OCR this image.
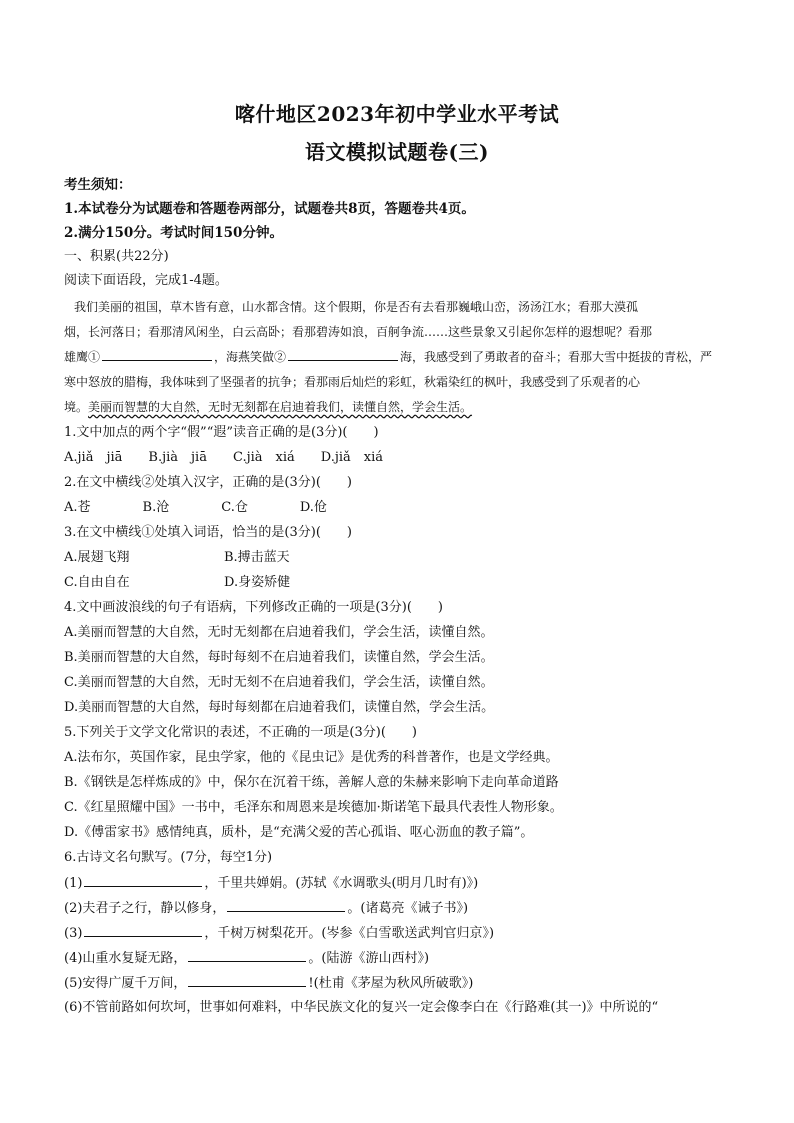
喀什地区2023年初中学业水平考试
语文模拟试题卷(三)
考生须知：
1.本试卷分为试题卷和答题卷两部分，试题卷共8页，答题卷共4页。
2.满分150分。考试时间150分钟。
一、积累(共22分)
阅读下面语段，完成1-4题。
我们美丽的祖国，草木皆有意，山水都含情。这个假期，你是否有去看那巍峨山峦，汤汤江水；看那大漠孤
烟，长河落日；看那清风闲坐，白云高卧；看那碧涛如浪，百舸争流……这些景象又引起你怎样的遐想呢？看那
雄鹰①	，海燕笑做②	海，我感受到了勇敢者的奋斗；看那大雪中挺拔的青松，严
寒中怒放的腊梅，我体味到了坚强者的抗争；看那雨后灿烂的彩虹，秋霜染红的枫叶，我感受到了乐观者的心
境。美丽而智慧的大自然，无时无刻都在启迪着我们，读懂自然，学会生活。
1.文中加点的两个字“假”“遐”读音正确的是(3分)(　　)
A.jiǎ　jiā　　B.jià　jiā　　C.jià　xiá　　D.jiǎ　xiá
2.在文中横线②处填入汉字，正确的是(3分)(　　)
A.苍　　　　B.沧　　　　C.仓　　　　D.伧
3.在文中横线①处填入词语，恰当的是(3分)(　　)
A.展翅飞翔	B.搏击蓝天
C.自由自在	D.身姿矫健
4.文中画波浪线的句子有语病，下列修改正确的一项是(3分)(　　)
A.美丽而智慧的大自然，无时无刻都在启迪着我们，学会生活，读懂自然。
B.美丽而智慧的大自然，每时每刻不在启迪着我们，读懂自然，学会生活。
C.美丽而智慧的大自然，无时无刻不在启迪着我们，学会生活，读懂自然。
D.美丽而智慧的大自然，每时每刻都在启迪着我们，读懂自然，学会生活。
5.下列关于文学文化常识的表述，不正确的一项是(3分)(　　)
A.法布尔，英国作家，昆虫学家，他的《昆虫记》是优秀的科普著作，也是文学经典。
B.《钢铁是怎样炼成的》中，保尔在沉着干练，善解人意的朱赫来影响下走向革命道路
C.《红星照耀中国》一书中，毛泽东和周恩来是埃德加·斯诺笔下最具代表性人物形象。
D.《傅雷家书》感情纯真，质朴，是“充满父爱的苦心孤诣、呕心沥血的教子篇”。
6.古诗文名句默写。(7分，每空1分)
(1)	，千里共婵娟。(苏轼《水调歌头(明月几时有)》)
(2)夫君子之行，静以修身，	。(诸葛亮《诫子书》)
(3)	，千树万树梨花开。(岑参《白雪歌送武判官归京》)
(4)山重水复疑无路，	。(陆游《游山西村》)
(5)安得广厦千万间，	!(杜甫《茅屋为秋风所破歌》)
(6)不管前路如何坎坷，世事如何难料，中华民族文化的复兴一定会像李白在《行路难(其一)》中所说的“
